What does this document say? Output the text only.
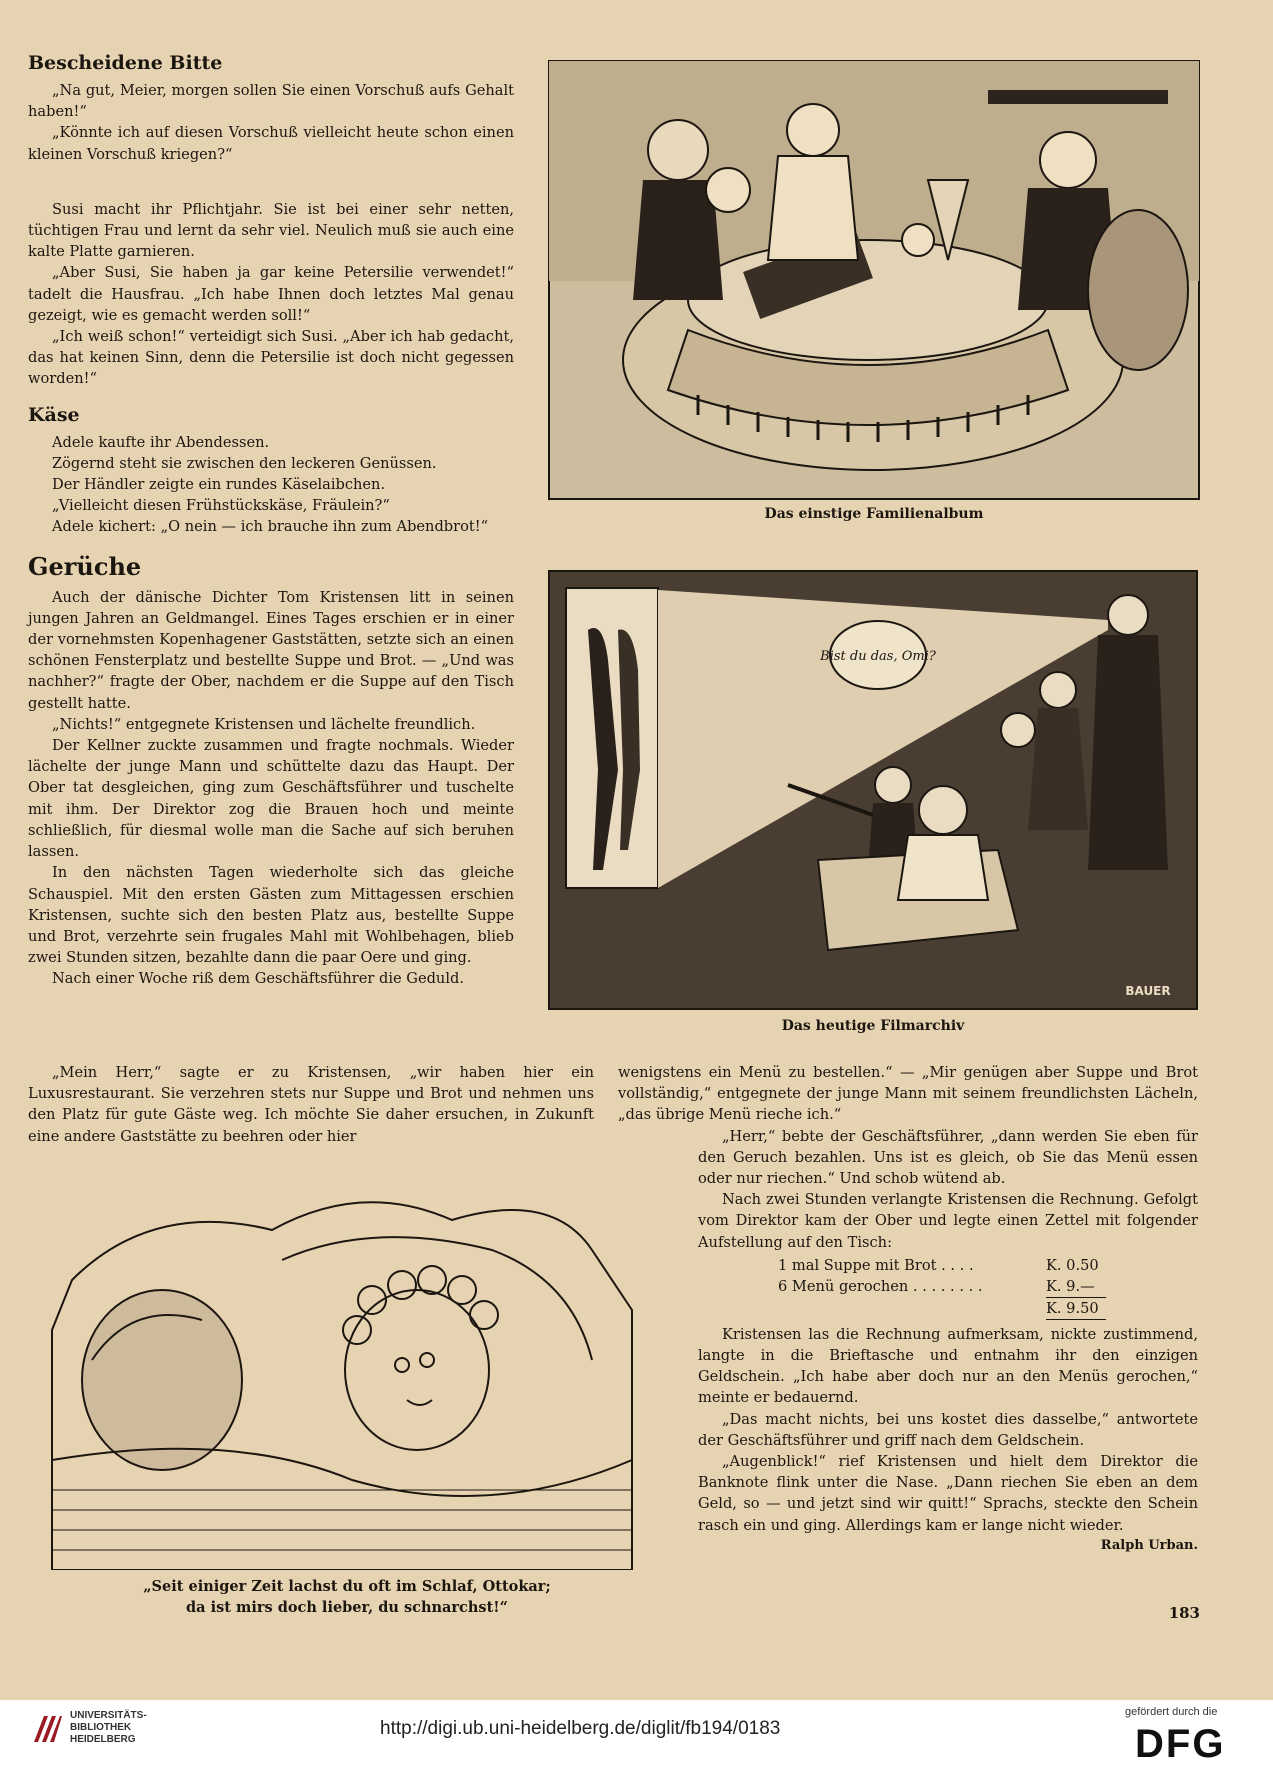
Bescheidene Bitte

„Na gut, Meier, morgen sollen Sie einen Vorschuß aufs Gehalt haben!“

„Könnte ich auf diesen Vorschuß vielleicht heute schon einen kleinen Vorschuß kriegen?“

Susi macht ihr Pflichtjahr. Sie ist bei einer sehr netten, tüchtigen Frau und lernt da sehr viel. Neulich muß sie auch eine kalte Platte garnieren.

„Aber Susi, Sie haben ja gar keine Petersilie verwendet!“ tadelt die Hausfrau. „Ich habe Ihnen doch letztes Mal genau gezeigt, wie es gemacht werden soll!“

„Ich weiß schon!“ verteidigt sich Susi. „Aber ich hab gedacht, das hat keinen Sinn, denn die Petersilie ist doch nicht gegessen worden!“

Käse

Adele kaufte ihr Abendessen.

Zögernd steht sie zwischen den leckeren Genüssen.

Der Händler zeigte ein rundes Käselaibchen.

„Vielleicht diesen Frühstückskäse, Fräulein?“

Adele kichert: „O nein — ich brauche ihn zum Abendbrot!“

Gerüche

Auch der dänische Dichter Tom Kristensen litt in seinen jungen Jahren an Geldmangel. Eines Tages erschien er in einer der vornehmsten Kopenhagener Gaststätten, setzte sich an einen schönen Fensterplatz und bestellte Suppe und Brot. — „Und was nachher?“ fragte der Ober, nachdem er die Suppe auf den Tisch gestellt hatte.

„Nichts!“ entgegnete Kristensen und lächelte freundlich.

Der Kellner zuckte zusammen und fragte nochmals. Wieder lächelte der junge Mann und schüttelte dazu das Haupt. Der Ober tat desgleichen, ging zum Geschäftsführer und tuschelte mit ihm. Der Direktor zog die Brauen hoch und meinte schließlich, für diesmal wolle man die Sache auf sich beruhen lassen.

In den nächsten Tagen wiederholte sich das gleiche Schauspiel. Mit den ersten Gästen zum Mittagessen erschien Kristensen, suchte sich den besten Platz aus, bestellte Suppe und Brot, verzehrte sein frugales Mahl mit Wohlbehagen, blieb zwei Stunden sitzen, bezahlte dann die paar Oere und ging.

Nach einer Woche riß dem Geschäftsführer die Geduld.

„Mein Herr,“ sagte er zu Kristensen, „wir haben hier ein Luxusrestaurant. Sie verzehren stets nur Suppe und Brot und nehmen uns den Platz für gute Gäste weg. Ich möchte Sie daher ersuchen, in Zukunft eine andere Gaststätte zu beehren oder hier

Das einstige Familienalbum
Bist du das, Omi?
BAUER
Das heutige Filmarchiv

wenigstens ein Menü zu bestellen.“ — „Mir genügen aber Suppe und Brot vollständig,“ entgegnete der junge Mann mit seinem freundlichsten Lächeln, „das übrige Menü rieche ich.“

„Herr,“ bebte der Geschäftsführer, „dann werden Sie eben für den Geruch bezahlen. Uns ist es gleich, ob Sie das Menü essen oder nur riechen.“ Und schob wütend ab.

Nach zwei Stunden verlangte Kristensen die Rechnung. Gefolgt vom Direktor kam der Ober und legte einen Zettel mit folgender Aufstellung auf den Tisch:

1 mal Suppe mit Brot . . . .	K. 0.50
6 Menü gerochen . . . . . . . .	K. 9.—
K. 9.50

Kristensen las die Rechnung aufmerksam, nickte zustimmend, langte in die Brieftasche und entnahm ihr den einzigen Geldschein. „Ich habe aber doch nur an den Menüs gerochen,“ meinte er bedauernd.

„Das macht nichts, bei uns kostet dies dasselbe,“ antwortete der Geschäftsführer und griff nach dem Geldschein.

„Augenblick!“ rief Kristensen und hielt dem Direktor die Banknote flink unter die Nase. „Dann riechen Sie eben an dem Geld, so — und jetzt sind wir quitt!“ Sprachs, steckte den Schein rasch ein und ging. Allerdings kam er lange nicht wieder.

Ralph Urban.
„Seit einiger Zeit lachst du oft im Schlaf, Ottokar;
da ist mirs doch lieber, du schnarchst!“	183
UNIVERSITÄTS-
BIBLIOTHEK
HEIDELBERG
http://digi.ub.uni-heidelberg.de/diglit/fb194/0183
gefördert durch die
DFG
